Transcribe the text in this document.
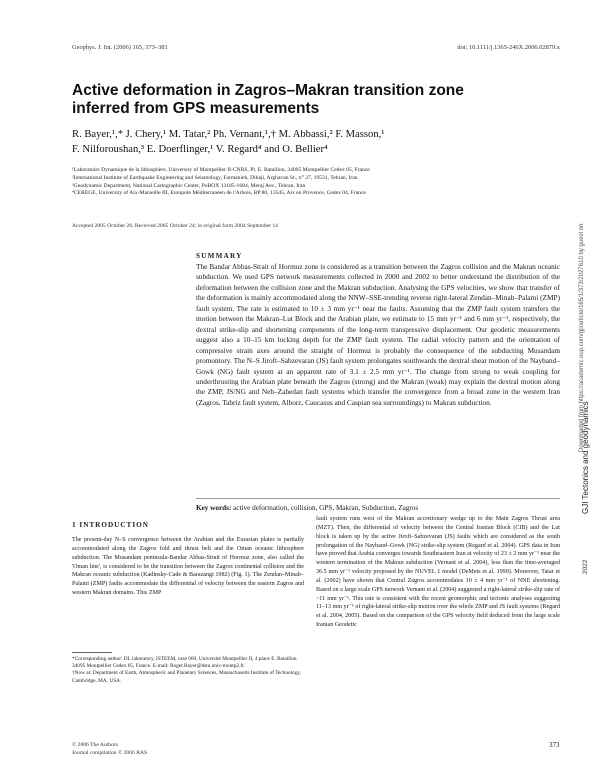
Geophys. J. Int. (2006) 165, 373–381	doi: 10.1111/j.1365-246X.2006.02879.x
Active deformation in Zagros–Makran transition zone inferred from GPS measurements
R. Bayer,¹,* J. Chery,¹ M. Tatar,² Ph. Vernant,¹,† M. Abbassi,² F. Masson,¹
F. Nilforoushan,³ E. Doerflinger,¹ V. Regard⁴ and O. Bellier⁴
¹Laboratoire Dynamique de la lithosphère, University of Montpellier II-CNRS, Pl. E. Bataillon, 34095 Montpellier Cedex 05, France
²International Institute of Earthquake Engineering and Seismology, Farmanieh, Dibaji, Arghavan St., n° 27, 19531, Tehran, Iran
³Geodynamic Department, National Cartographic Center, PoBOX 13185-1684, Meraj Ave., Tehran, Iran
⁴CEREGE, University of Aix-Marseille III, Europole Méditerranéen de l'Arbois, BP 80, 13545, Aix en Provence, Cedex 04, France
Accepted 2005 October 26. Received 2005 October 24; in original form 2004 September 14
SUMMARY
The Bandar Abbas-Strait of Hormuz zone is considered as a transition between the Zagros collision and the Makran oceanic subduction. We used GPS network measurements collected in 2000 and 2002 to better understand the distribution of the deformation between the collision zone and the Makran subduction. Analysing the GPS velocities, we show that transfer of the deformation is mainly accommodated along the NNW–SSE-trending reverse right-lateral Zendan–Minab–Palami (ZMP) fault system. The rate is estimated to 10 ± 3 mm yr⁻¹ near the faults. Assuming that the ZMP fault system transfers the motion between the Makran–Lut Block and the Arabian plate, we estimate to 15 mm yr⁻¹ and 6 mm yr⁻¹, respectively, the dextral strike-slip and shortening components of the long-term transpressive displacement. Our geodetic measurements suggest also a 10–15 km locking depth for the ZMP fault system. The radial velocity pattern and the orientation of compressive strain axes around the straight of Hormuz is probably the consequence of the subducting Musandam promontory. The N–S Jiroft–Sabzevaran (JS) fault system prolongates southwards the dextral shear motion of the Nayband–Gowk (NG) fault system at an apparent rate of 3.1 ± 2.5 mm yr⁻¹. The change from strong to weak coupling for underthrusting the Arabian plate beneath the Zagros (strong) and the Makran (weak) may explain the dextral motion along the ZMP, JS/NG and Neh–Zahedan fault systems which transfer the convergence from a broad zone in the western Iran (Zagros, Tabriz fault system, Alborz, Caucasus and Caspian sea surroundings) to Makran subduction.
Key words: active deformation, collision, GPS, Makran, Subduction, Zagros
1 INTRODUCTION
The present-day N–S convergence between the Arabian and the Eurasian plates is partially accommodated along the Zagros fold and thrust belt and the Oman oceanic lithosphere subduction. The Musandam peninsula-Bandar Abbas-Strait of Hormuz zone, also called the 'Oman line', is considered to be the transition between the Zagros continental collision and the Makran oceanic subduction (Kadinsky-Cade & Barazangi 1982) (Fig. 1). The Zendan–Minab–Palami (ZMP) faults accommodate the differential of velocity between the eastern Zagros and western Makran domains. This ZMP
fault system runs west of the Makran accretionary wedge up to the Main Zagros Thrust area (MZT). Then, the differential of velocity between the Central Iranian Block (CIB) and the Lut block is taken up by the active Jiroft–Sabzevaran (JS) faults which are considered as the south prolongation of the Nayband–Gowk (NG) strike-slip system (Regard et al. 2004). GPS data in Iran have proved that Arabia converges towards Southeastern Iran at velocity of 23 ± 2 mm yr⁻¹ near the western termination of the Makran subduction (Vernant et al. 2004), less than the time-averaged 36.5 mm yr⁻¹ velocity proposed by the NUVEL 1 model (DeMets et al. 1990). Moreover, Tatar et al. (2002) have shown that Central Zagros accommodates 10 ± 4 mm yr⁻¹ of NNE shortening. Based on a large scale GPS network Vernant et al. (2004) suggested a right-lateral strike-slip rate of ~11 mm yr⁻¹. This rate is consistent with the recent geomorphic and tectonic analyses suggesting 11–13 mm yr⁻¹ of right-lateral strike-slip motion over the whole ZMP and JS fault systems (Regard et al. 2004, 2005). Based on the comparison of the GPS velocity field deduced from the large scale Iranian Geodetic
*Corresponding author: DL laboratory, ISTEEM, case 060, Université Montpellier II, 4 place E. Bataillon 34095 Montpellier Cedex 05, France. E-mail: Roger.Bayer@dstu.univ-montp2.fr.
†Now at: Department of Earth, Atmospheric and Planetary Sciences, Massachusetts Institute of Technology, Cambridge, MA, USA.
© 2006 The Authors
Journal compilation © 2006 RAS
373
Downloaded from https://academic.oup.com/gji/article/165/1/373/2027610 by guest on
GJI Tectonics and geodynamics
2022
